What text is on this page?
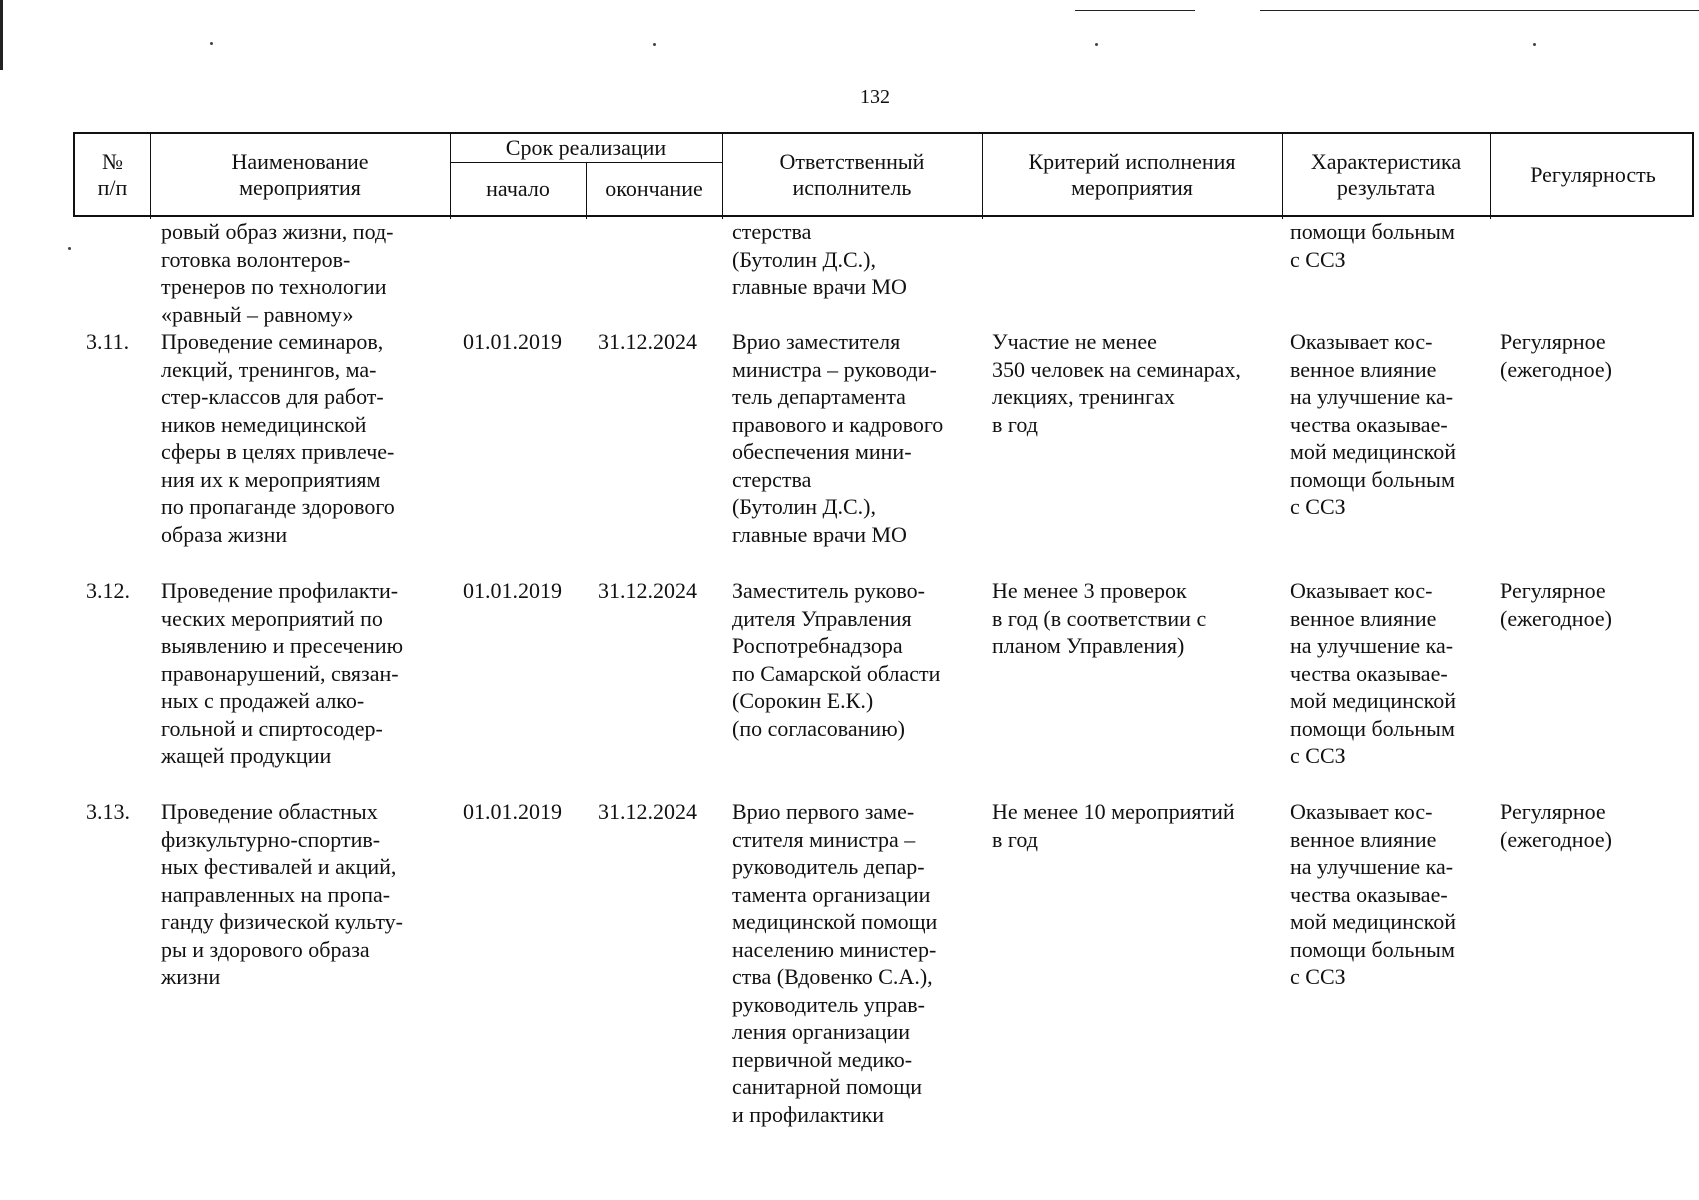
132
№
п/п
Наименование
мероприятия
Срок реализации
начало	окончание
Ответственный
исполнитель
Критерий исполнения
мероприятия
Характеристика
результата
Регулярность
ровый образ жизни, под-
готовка волонтеров-
тренеров по технологии
«равный – равному»
стерства
(Бутолин Д.С.),
главные врачи МО
помощи больным
с ССЗ
3.11. Проведение семинаров,
лекций, тренингов, ма-
стер-классов для работ-
ников немедицинской
сферы в целях привлече-
ния их к мероприятиям
по пропаганде здорового
образа жизни
01.01.2019 31.12.2024 Врио заместителя
министра – руководи-
тель департамента
правового и кадрового
обеспечения мини-
стерства
(Бутолин Д.С.),
главные врачи МО
Участие не менее
350 человек на семинарах,
лекциях, тренингах
в год
Оказывает кос-
венное влияние
на улучшение ка-
чества оказывае-
мой медицинской
помощи больным
с ССЗ
Регулярное
(ежегодное)
3.12. Проведение профилакти-
ческих мероприятий по
выявлению и пресечению
правонарушений, связан-
ных с продажей алко-
гольной и спиртосодер-
жащей продукции
01.01.2019 31.12.2024 Заместитель руково-
дителя Управления
Роспотребнадзора
по Самарской области
(Сорокин Е.К.)
(по согласованию)
Не менее 3 проверок
в год (в соответствии с
планом Управления)
Оказывает кос-
венное влияние
на улучшение ка-
чества оказывае-
мой медицинской
помощи больным
с ССЗ
Регулярное
(ежегодное)
3.13. Проведение областных
физкультурно-спортив-
ных фестивалей и акций,
направленных на пропа-
ганду физической культу-
ры и здорового образа
жизни
01.01.2019 31.12.2024 Врио первого заме-
стителя министра –
руководитель депар-
тамента организации
медицинской помощи
населению министер-
ства (Вдовенко С.А.),
руководитель управ-
ления организации
первичной медико-
санитарной помощи
и профилактики
Не менее 10 мероприятий
в год
Оказывает кос-
венное влияние
на улучшение ка-
чества оказывае-
мой медицинской
помощи больным
с ССЗ
Регулярное
(ежегодное)
